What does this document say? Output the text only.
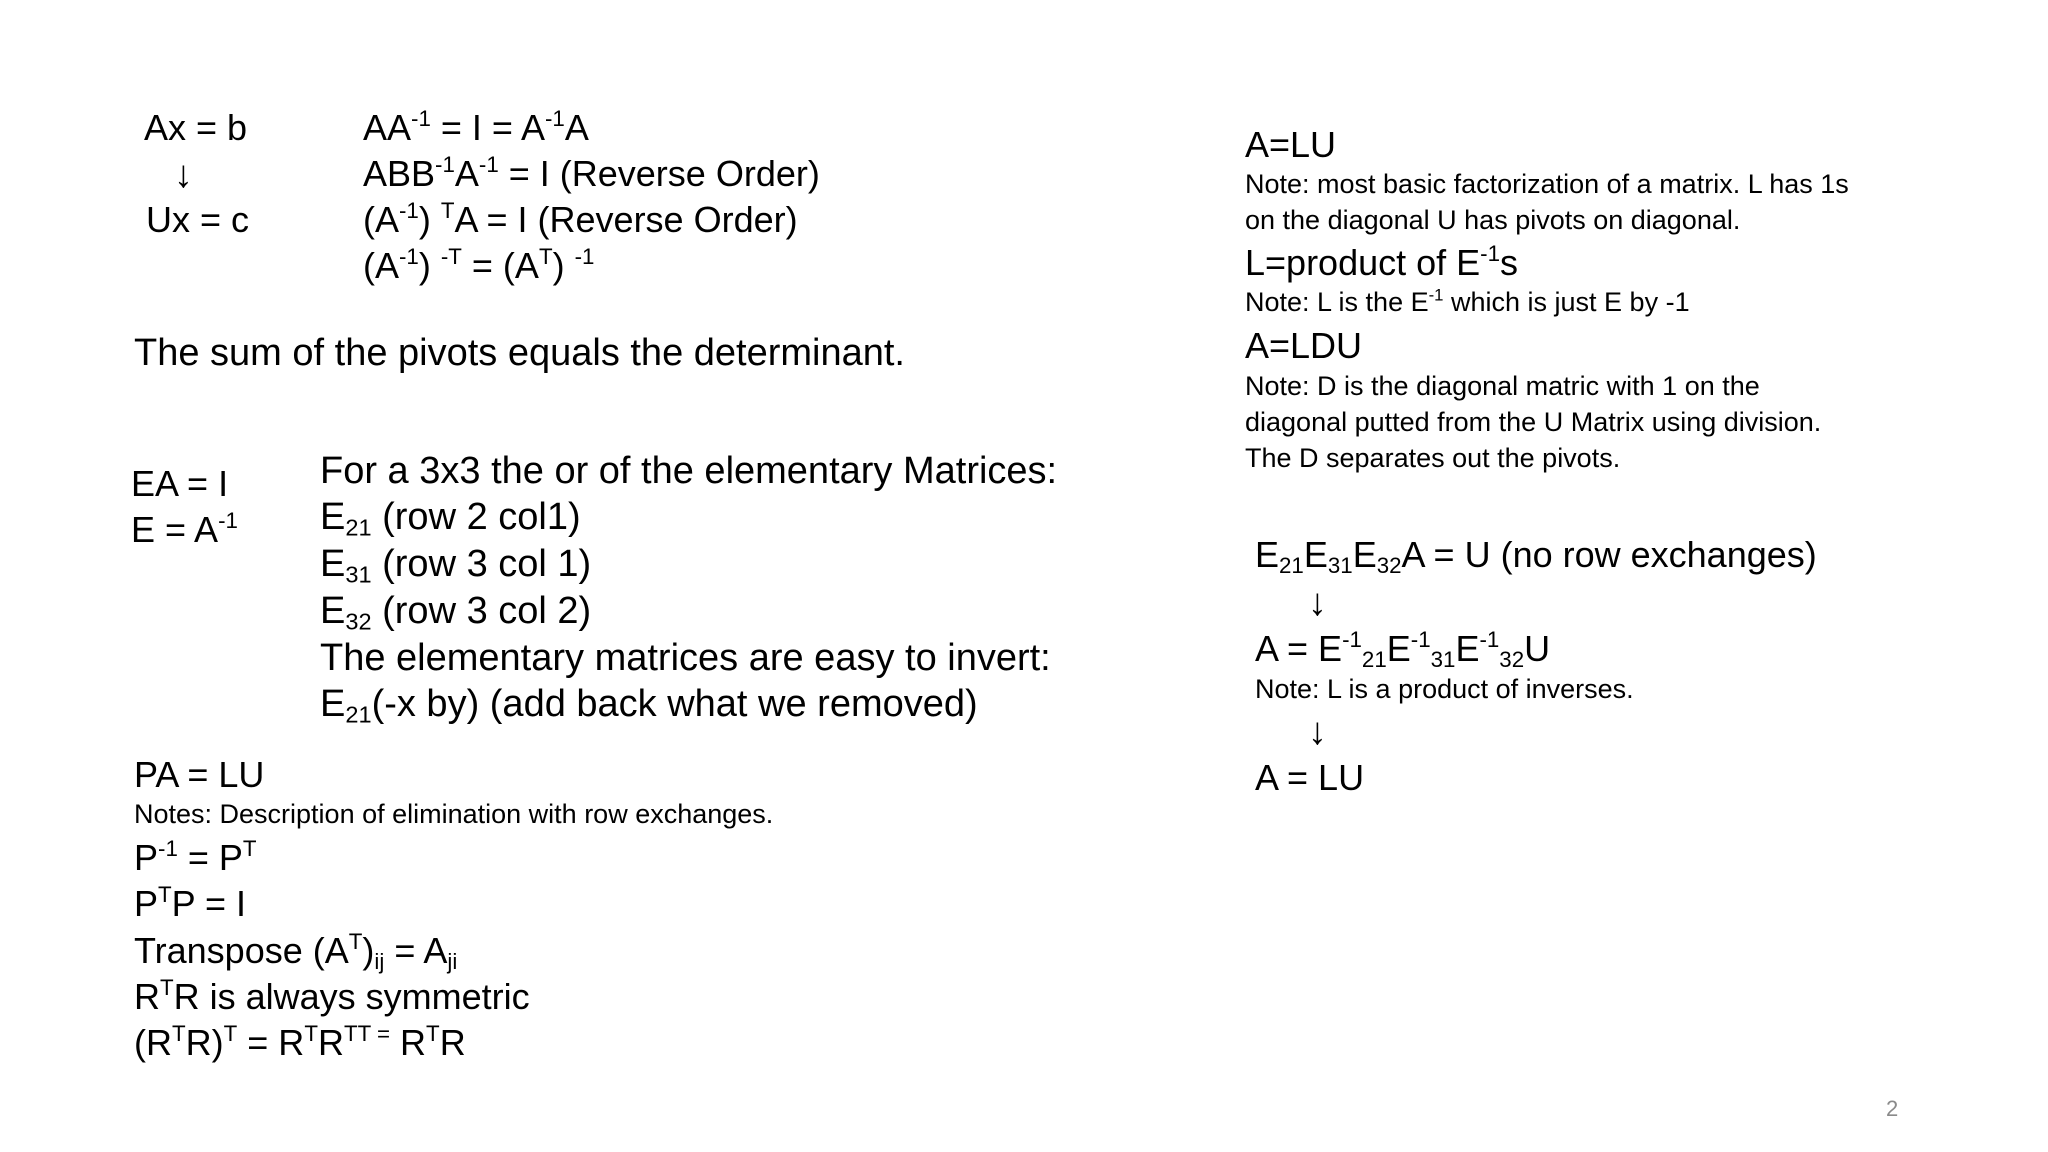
Ax = b
↓
Ux = c
$AA^{-1} = I = A^{-1}A$
$ABB^{-1}A^{-1} = I$ (Reverse Order)
$(A^{-1}) ^TA = I$ (Reverse Order)
$(A^{-1}) ^{-T} = (A^T)$ $^{-1}$
The sum of the pivots equals the determinant.
EA = I
$E = A^{-1}$
For a 3x3 the or of the elementary Matrices:
$E_{21}$ (row 2 col1)
$E_{31}$ (row 3 col 1)
$E_{32}$ (row 3 col 2)
The elementary matrices are easy to invert:
$E_{21}(-x$ by) (add back what we removed)
PA = LU
Notes: Description of elimination with row exchanges.
$P^{-1} = P^T$
$P^TP = I$
Transpose $(A^T)_{ij} = A_{ji}$
$R^TR$ is always symmetric
$(R^TR)^T = R^TR^{TT =}$ $R^TR$
A=LU
Note: most basic factorization of a matrix. L has 1s
on the diagonal U has pivots on diagonal.
L=product of $E^{-1}s$
Note: L is the $E^{-1}$ which is just E by -1
A=LDU
Note: D is the diagonal matric with 1 on the
diagonal putted from the U Matrix using division.
The D separates out the pivots.
$E_{21}E_{31}E_{32}A = U$ (no row exchanges)
↓
$A = E^{-1}_{21}E^{-1}_{31}E^{-1}_{32}U$
Note: L is a product of inverses.
↓
A = LU
2
